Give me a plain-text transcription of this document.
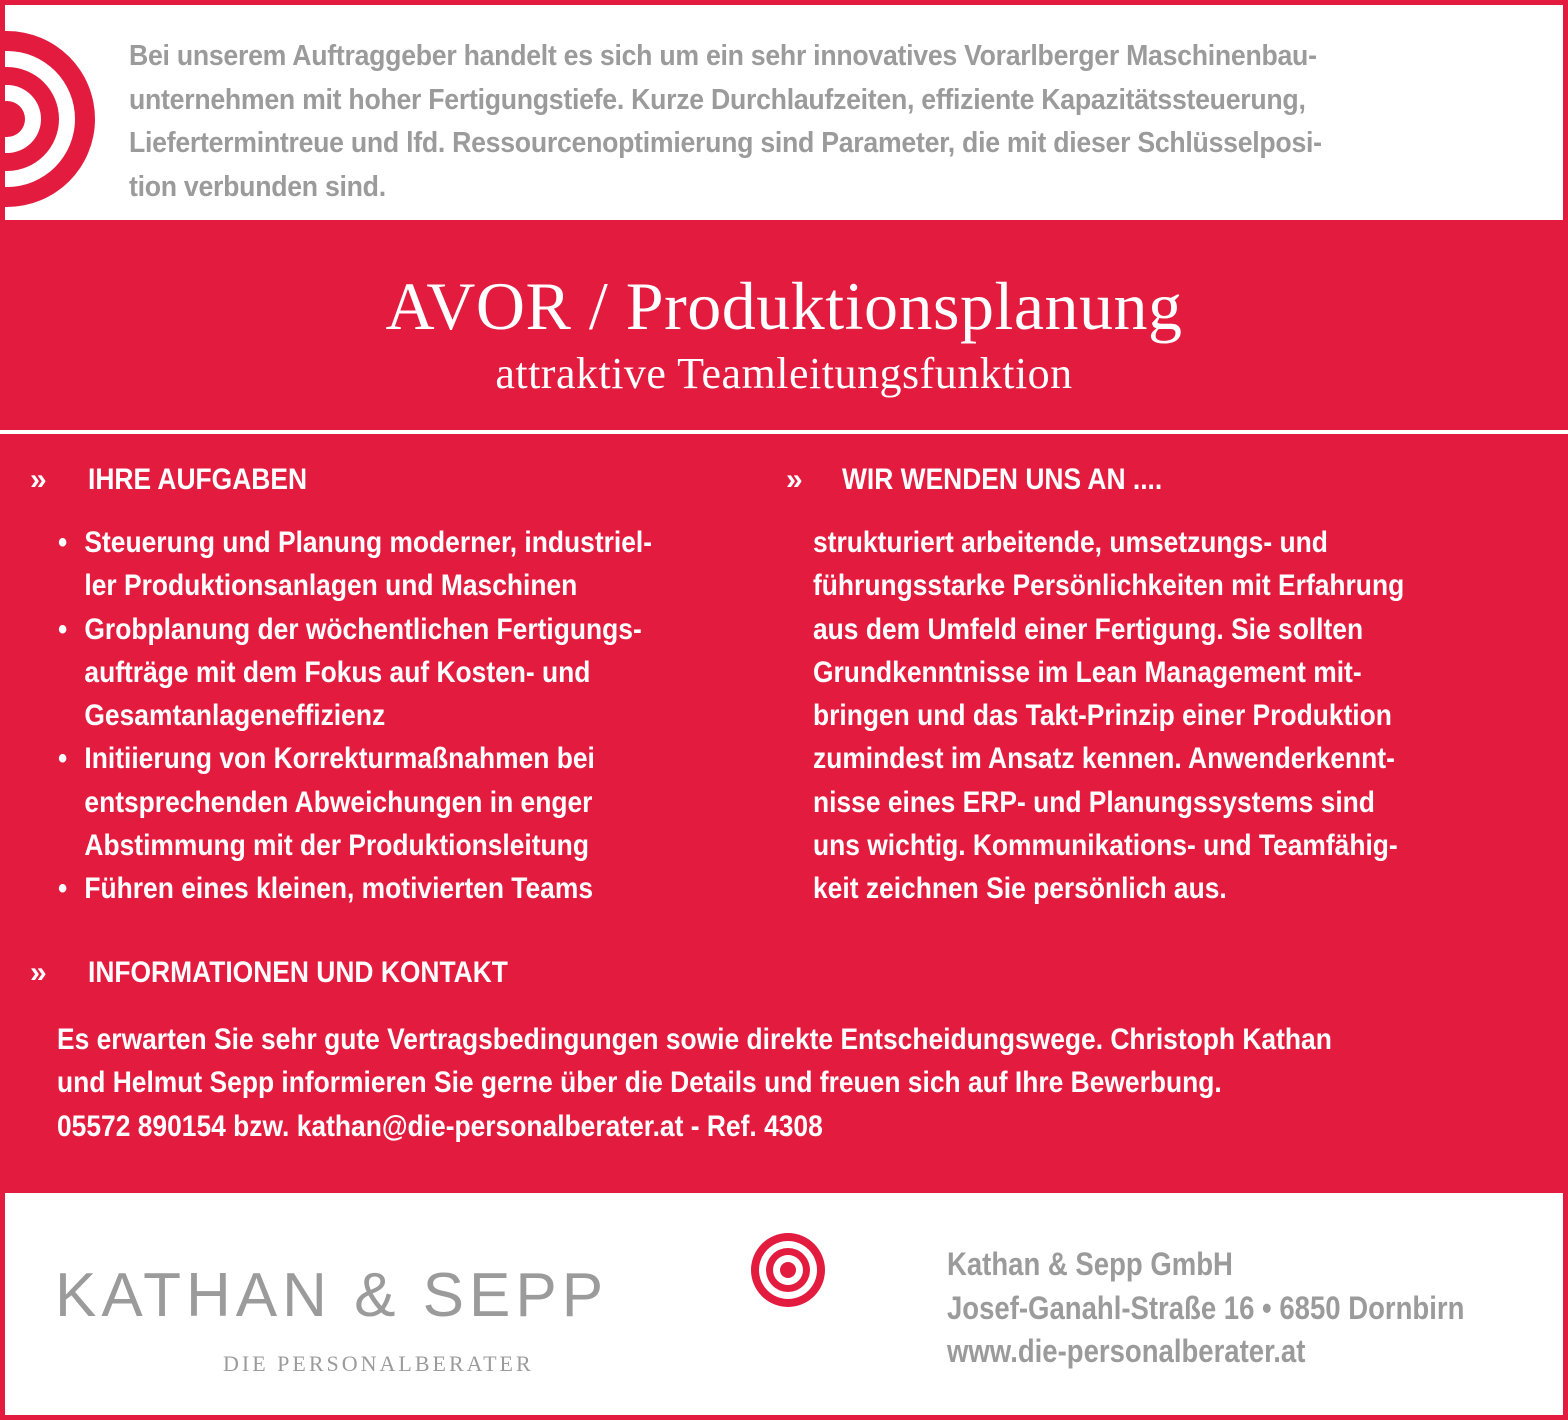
Bei unserem Auftraggeber handelt es sich um ein sehr innovatives Vorarlberger Maschinenbau-
unternehmen mit hoher Fertigungstiefe. Kurze Durchlaufzeiten, effiziente Kapazitätssteuerung,
Liefertermintreue und lfd. Ressourcenoptimierung sind Parameter, die mit dieser Schlüsselposi-
tion verbunden sind.
AVOR / Produktionsplanung
attraktive Teamleitungsfunktion
» IHRE AUFGABEN
• Steuerung und Planung moderner, industriel-
ler Produktionsanlagen und Maschinen
• Grobplanung der wöchentlichen Fertigungs-
aufträge mit dem Fokus auf Kosten- und
Gesamtanlageneffizienz
• Initiierung von Korrekturmaßnahmen bei
entsprechenden Abweichungen in enger
Abstimmung mit der Produktionsleitung
• Führen eines kleinen, motivierten Teams
» WIR WENDEN UNS AN ....
strukturiert arbeitende, umsetzungs- und
führungsstarke Persönlichkeiten mit Erfahrung
aus dem Umfeld einer Fertigung. Sie sollten
Grundkenntnisse im Lean Management mit-
bringen und das Takt-Prinzip einer Produktion
zumindest im Ansatz kennen. Anwenderkennt-
nisse eines ERP- und Planungssystems sind
uns wichtig. Kommunikations- und Teamfähig-
keit zeichnen Sie persönlich aus.
» INFORMATIONEN UND KONTAKT
Es erwarten Sie sehr gute Vertragsbedingungen sowie direkte Entscheidungswege. Christoph Kathan
und Helmut Sepp informieren Sie gerne über die Details und freuen sich auf Ihre Bewerbung.
05572 890154 bzw. kathan@die-personalberater.at - Ref. 4308
KATHAN & SEPP
DIE PERSONALBERATER
Kathan & Sepp GmbH
Josef-Ganahl-Straße 16 • 6850 Dornbirn
www.die-personalberater.at
